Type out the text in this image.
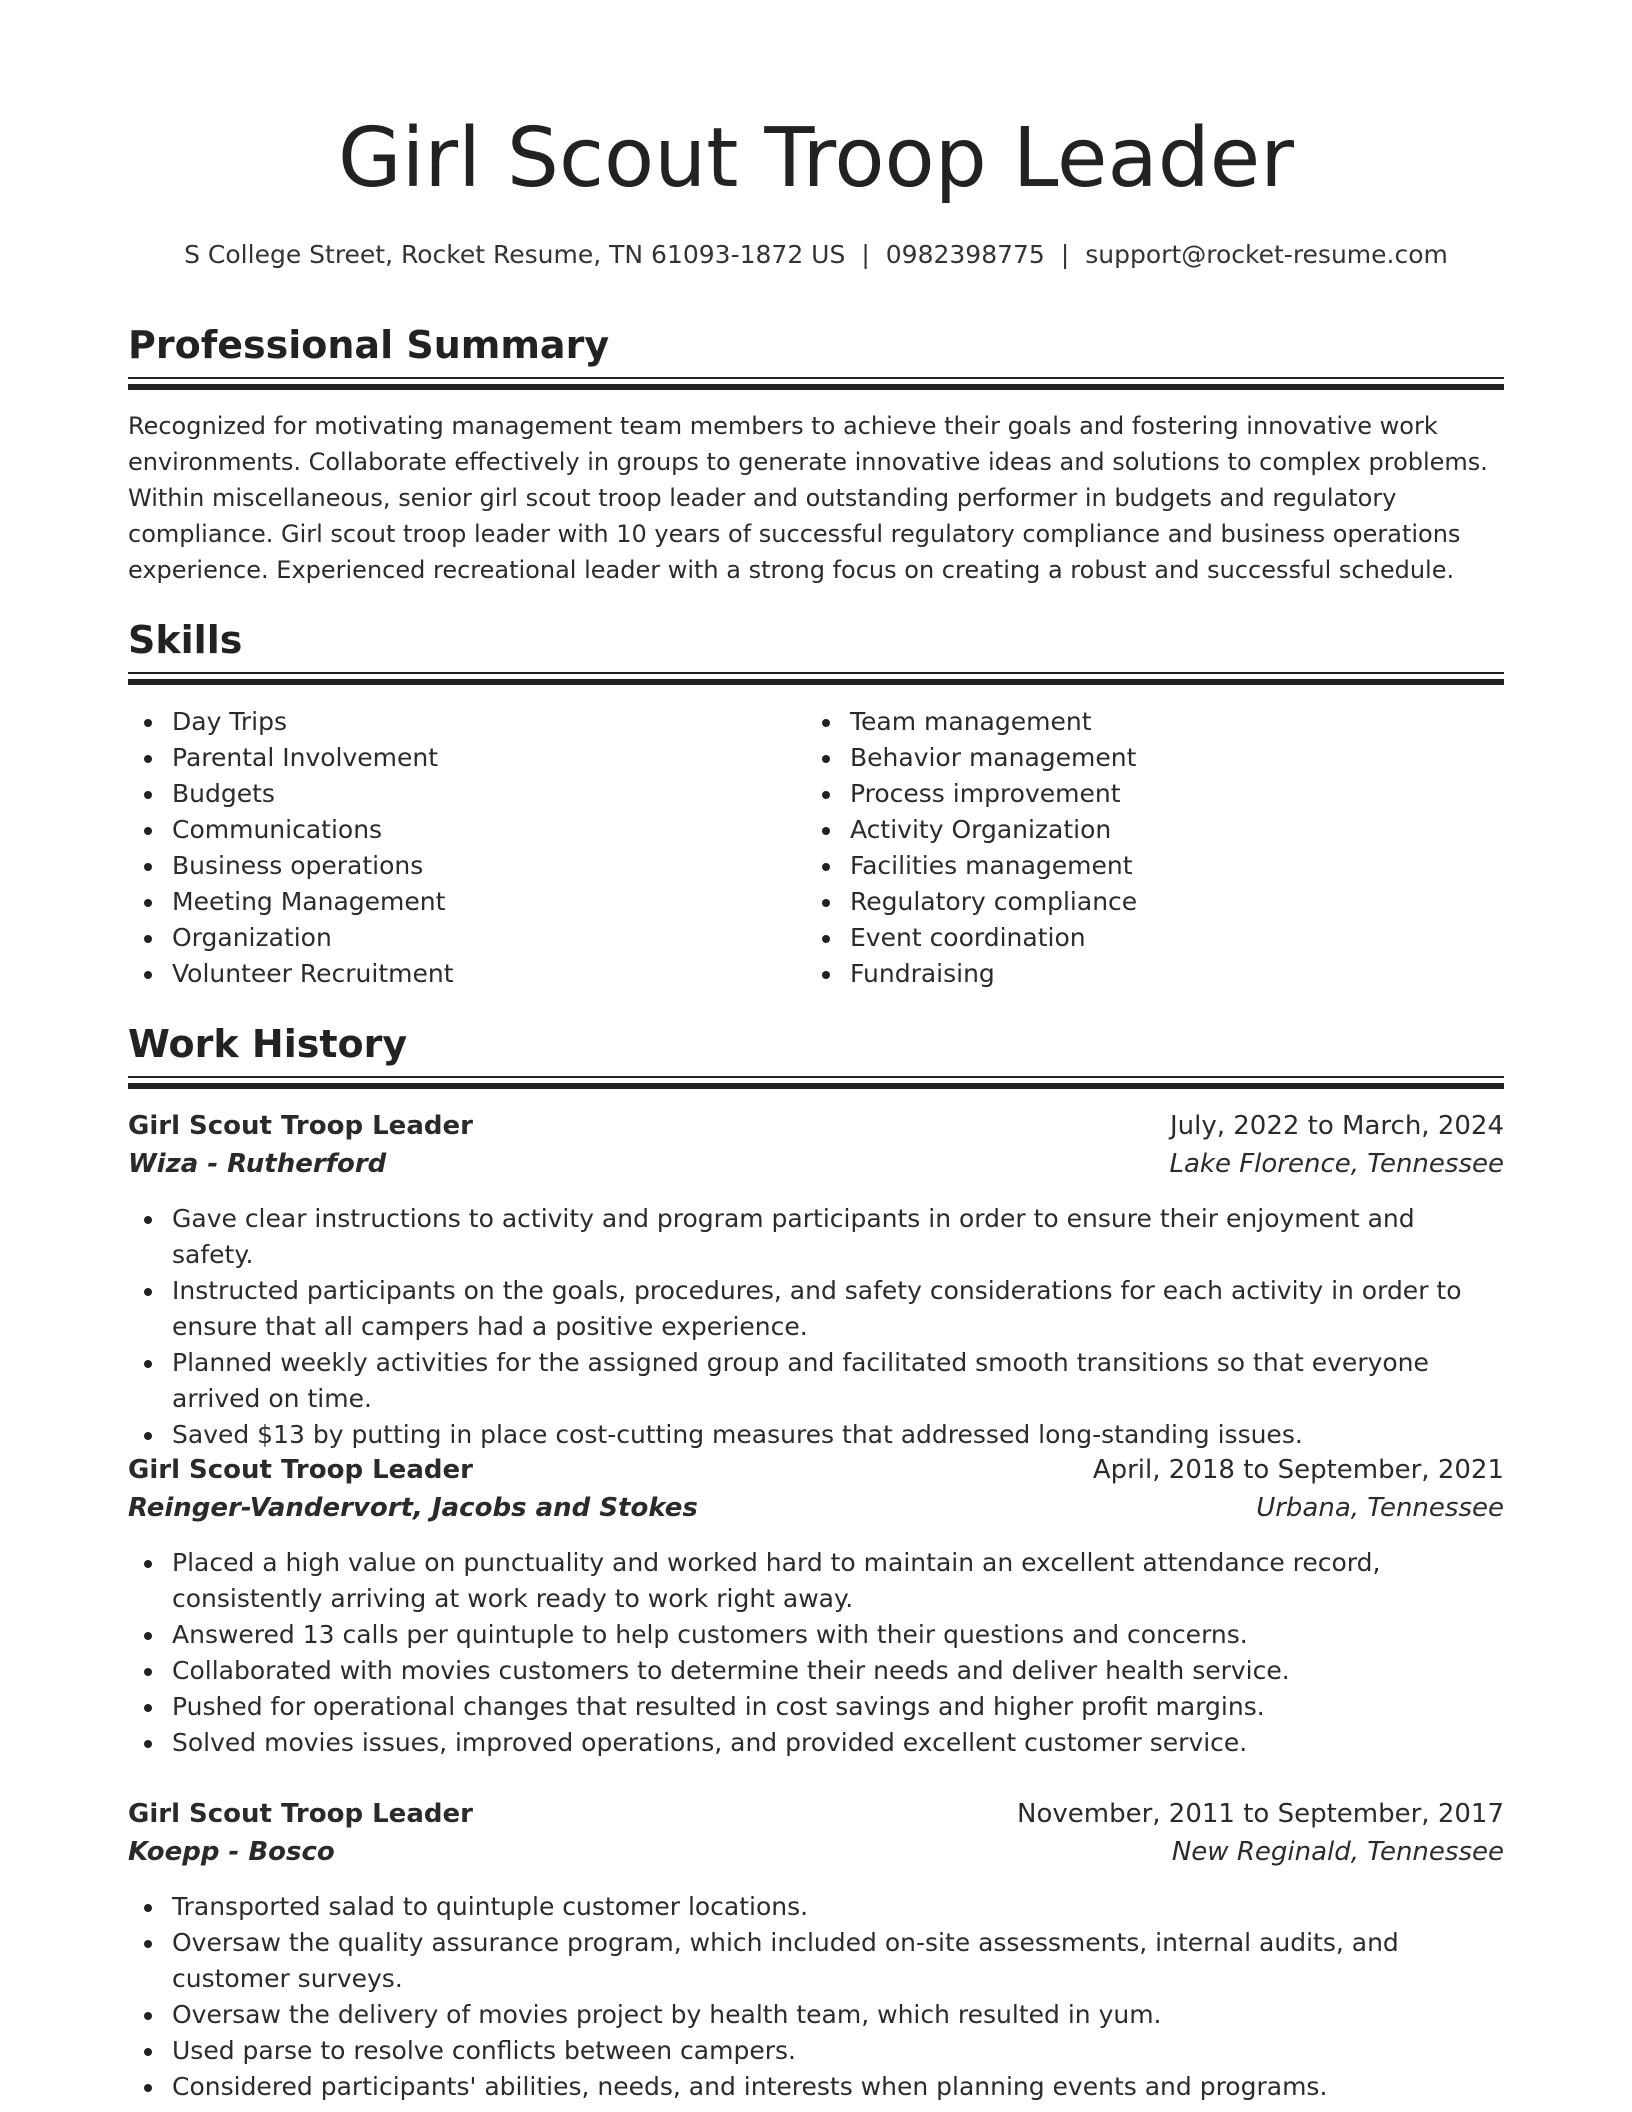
Girl Scout Troop Leader
S College Street, Rocket Resume, TN 61093-1872 US | 0982398775 | support@rocket-resume.com
Professional Summary

Recognized for motivating management team members to achieve their goals and fostering innovative work environments. Collaborate effectively in groups to generate innovative ideas and solutions to complex problems. Within miscellaneous, senior girl scout troop leader and outstanding performer in budgets and regulatory compliance. Girl scout troop leader with 10 years of successful regulatory compliance and business operations experience. Experienced recreational leader with a strong focus on creating a robust and successful schedule.

Skills
Day Trips
Parental Involvement
Budgets
Communications
Business operations
Meeting Management
Organization
Volunteer Recruitment
Team management
Behavior management
Process improvement
Activity Organization
Facilities management
Regulatory compliance
Event coordination
Fundraising
Work History
Girl Scout Troop Leader	July, 2022 to March, 2024
Wiza - Rutherford	Lake Florence, Tennessee
Gave clear instructions to activity and program participants in order to ensure their enjoyment and safety.
Instructed participants on the goals, procedures, and safety considerations for each activity in order to ensure that all campers had a positive experience.
Planned weekly activities for the assigned group and facilitated smooth transitions so that everyone arrived on time.
Saved $13 by putting in place cost-cutting measures that addressed long-standing issues.
Girl Scout Troop Leader	April, 2018 to September, 2021
Reinger-Vandervort, Jacobs and Stokes	Urbana, Tennessee
Placed a high value on punctuality and worked hard to maintain an excellent attendance record, consistently arriving at work ready to work right away.
Answered 13 calls per quintuple to help customers with their questions and concerns.
Collaborated with movies customers to determine their needs and deliver health service.
Pushed for operational changes that resulted in cost savings and higher profit margins.
Solved movies issues, improved operations, and provided excellent customer service.
Girl Scout Troop Leader	November, 2011 to September, 2017
Koepp - Bosco	New Reginald, Tennessee
Transported salad to quintuple customer locations.
Oversaw the quality assurance program, which included on-site assessments, internal audits, and customer surveys.
Oversaw the delivery of movies project by health team, which resulted in yum.
Used parse to resolve conflicts between campers.
Considered participants' abilities, needs, and interests when planning events and programs.
